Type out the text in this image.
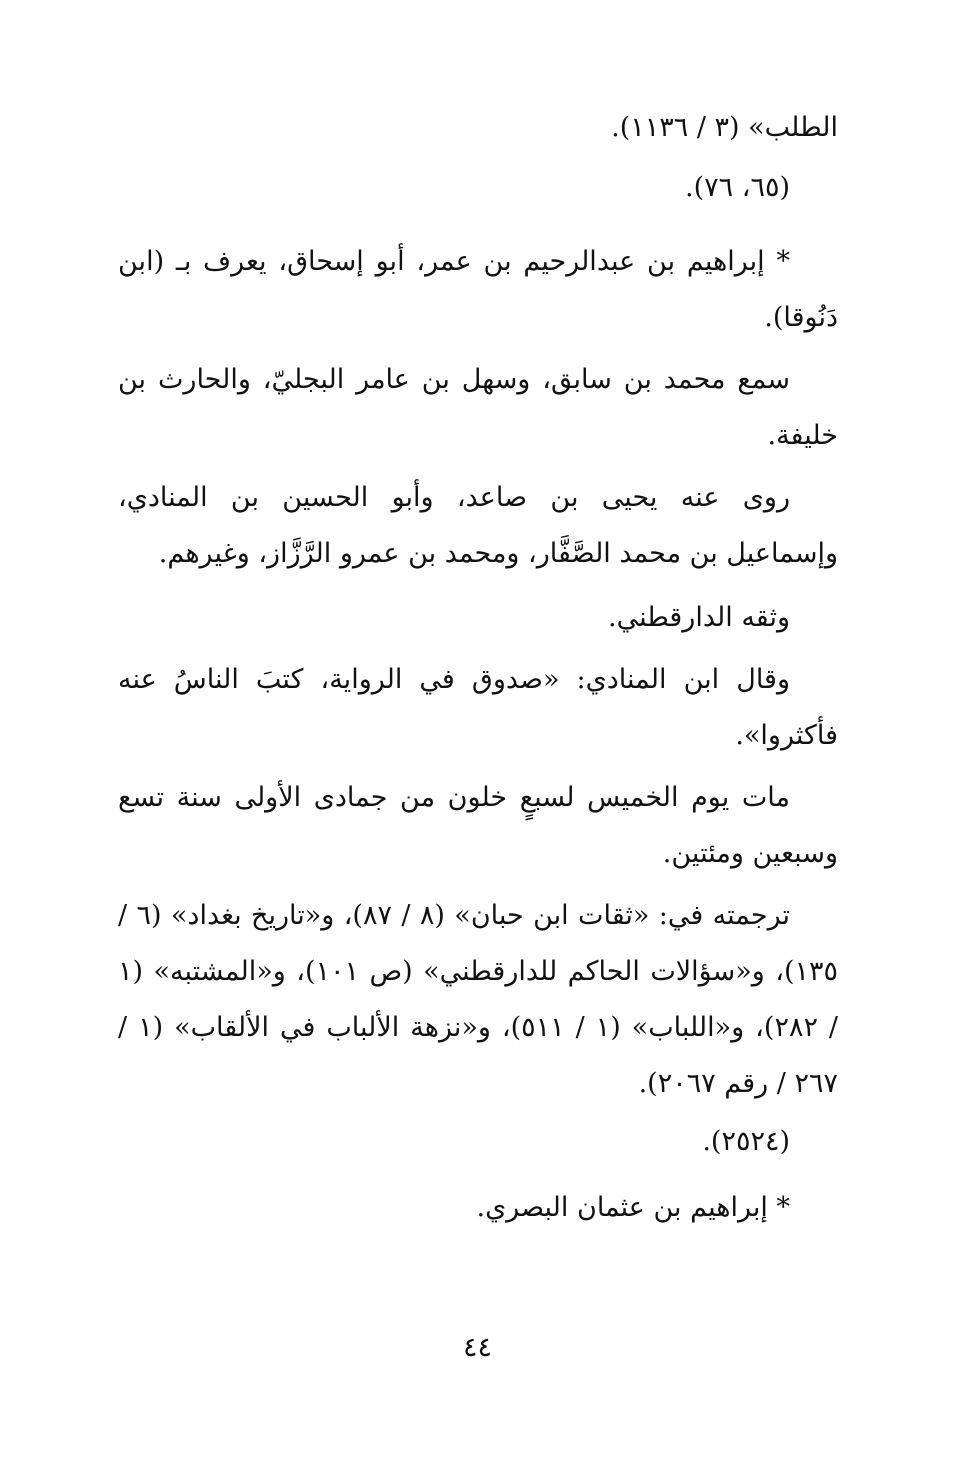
الطلب» (٣ / ١١٣٦).

(٦٥، ٧٦).

* إبراهيم بن عبدالرحيم بن عمر، أبو إسحاق، يعرف بـ (ابن دَنُوقا).

سمع محمد بن سابق، وسهل بن عامر البجليّ، والحارث بن خليفة.

روى عنه يحيى بن صاعد، وأبو الحسين بن المنادي، وإسماعيل بن محمد الصَّفَّار، ومحمد بن عمرو الرَّزَّاز، وغيرهم.

وثقه الدارقطني.

وقال ابن المنادي: «صدوق في الرواية، كتبَ الناسُ عنه فأكثروا».

مات يوم الخميس لسبعٍ خلون من جمادى الأولى سنة تسع وسبعين ومئتين.

ترجمته في: «ثقات ابن حبان» (٨ / ٨٧)، و«تاريخ بغداد» (٦ / ١٣٥)، و«سؤالات الحاكم للدارقطني» (ص ١٠١)، و«المشتبه» (١ / ٢٨٢)، و«اللباب» (١ / ٥١١)، و«نزهة الألباب في الألقاب» (١ / ٢٦٧ / رقم ٢٠٦٧).

(٢٥٢٤).

* إبراهيم بن عثمان البصري.

٤٤
